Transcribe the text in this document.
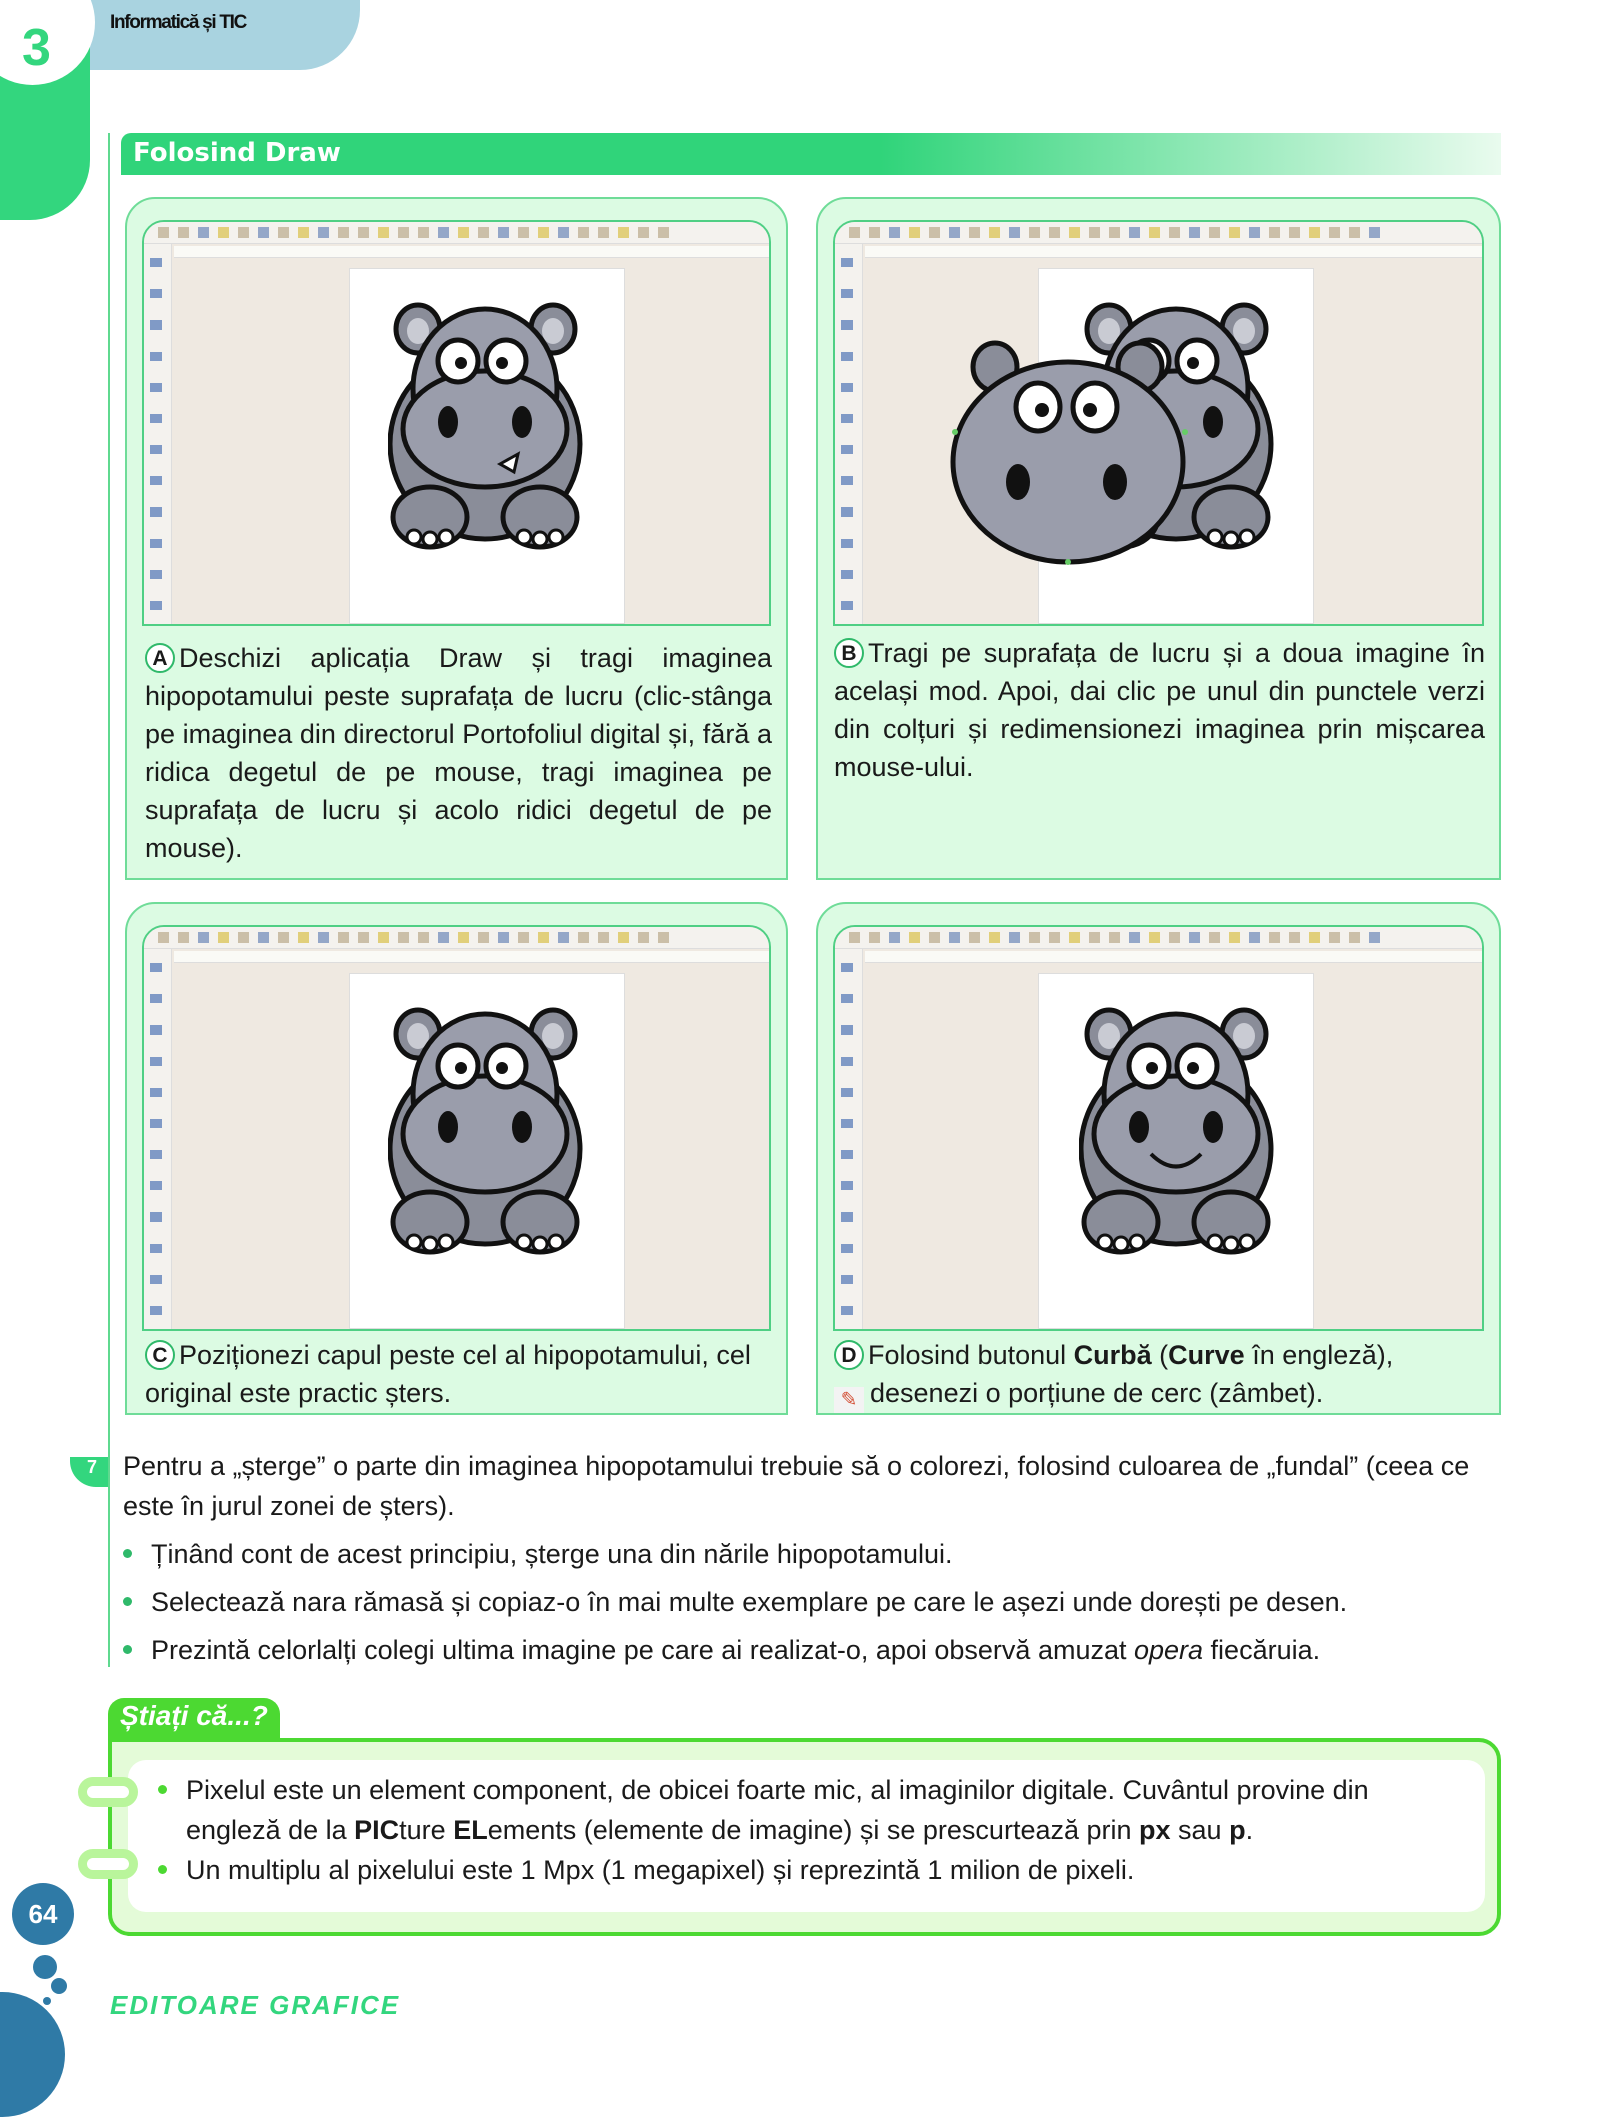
Informatică și TIC
3
Folosind Draw
A Deschizi aplicația Draw și tragi imaginea hipopotamului peste suprafața de lucru (clic-stânga pe imaginea din directorul Portofoliul digital și, fără a ridica degetul de pe mouse, tragi imaginea pe suprafața de lucru și acolo ridici degetul de pe mouse).
B Tragi pe suprafața de lucru și a doua imagine în același mod. Apoi, dai clic pe unul din punctele verzi din colțuri și redimensionezi imaginea prin mișcarea mouse-ului.
C Poziționezi capul peste cel al hipopotamului, cel original este practic șters.
D Folosind butonul Curbă (Curve în engleză),
✎ desenezi o porțiune de cerc (zâmbet).
7 Pentru a „șterge” o parte din imaginea hipopotamului trebuie să o colorezi, folosind culoarea de „fundal” (ceea ce este în jurul zonei de șters).
Ținând cont de acest principiu, șterge una din nările hipopotamului.
Selectează nara rămasă și copiaz-o în mai multe exemplare pe care le așezi unde dorești pe desen.
Prezintă celorlalți colegi ultima imagine pe care ai realizat-o, apoi observă amuzat opera fiecăruia.
Știați că...?
Pixelul este un element component, de obicei foarte mic, al imaginilor digitale. Cuvântul provine din engleză de la PICture ELements (elemente de imagine) și se prescurtează prin px sau p.
Un multiplu al pixelului este 1 Mpx (1 megapixel) și reprezintă 1 milion de pixeli.
64
EDITOARE GRAFICE
